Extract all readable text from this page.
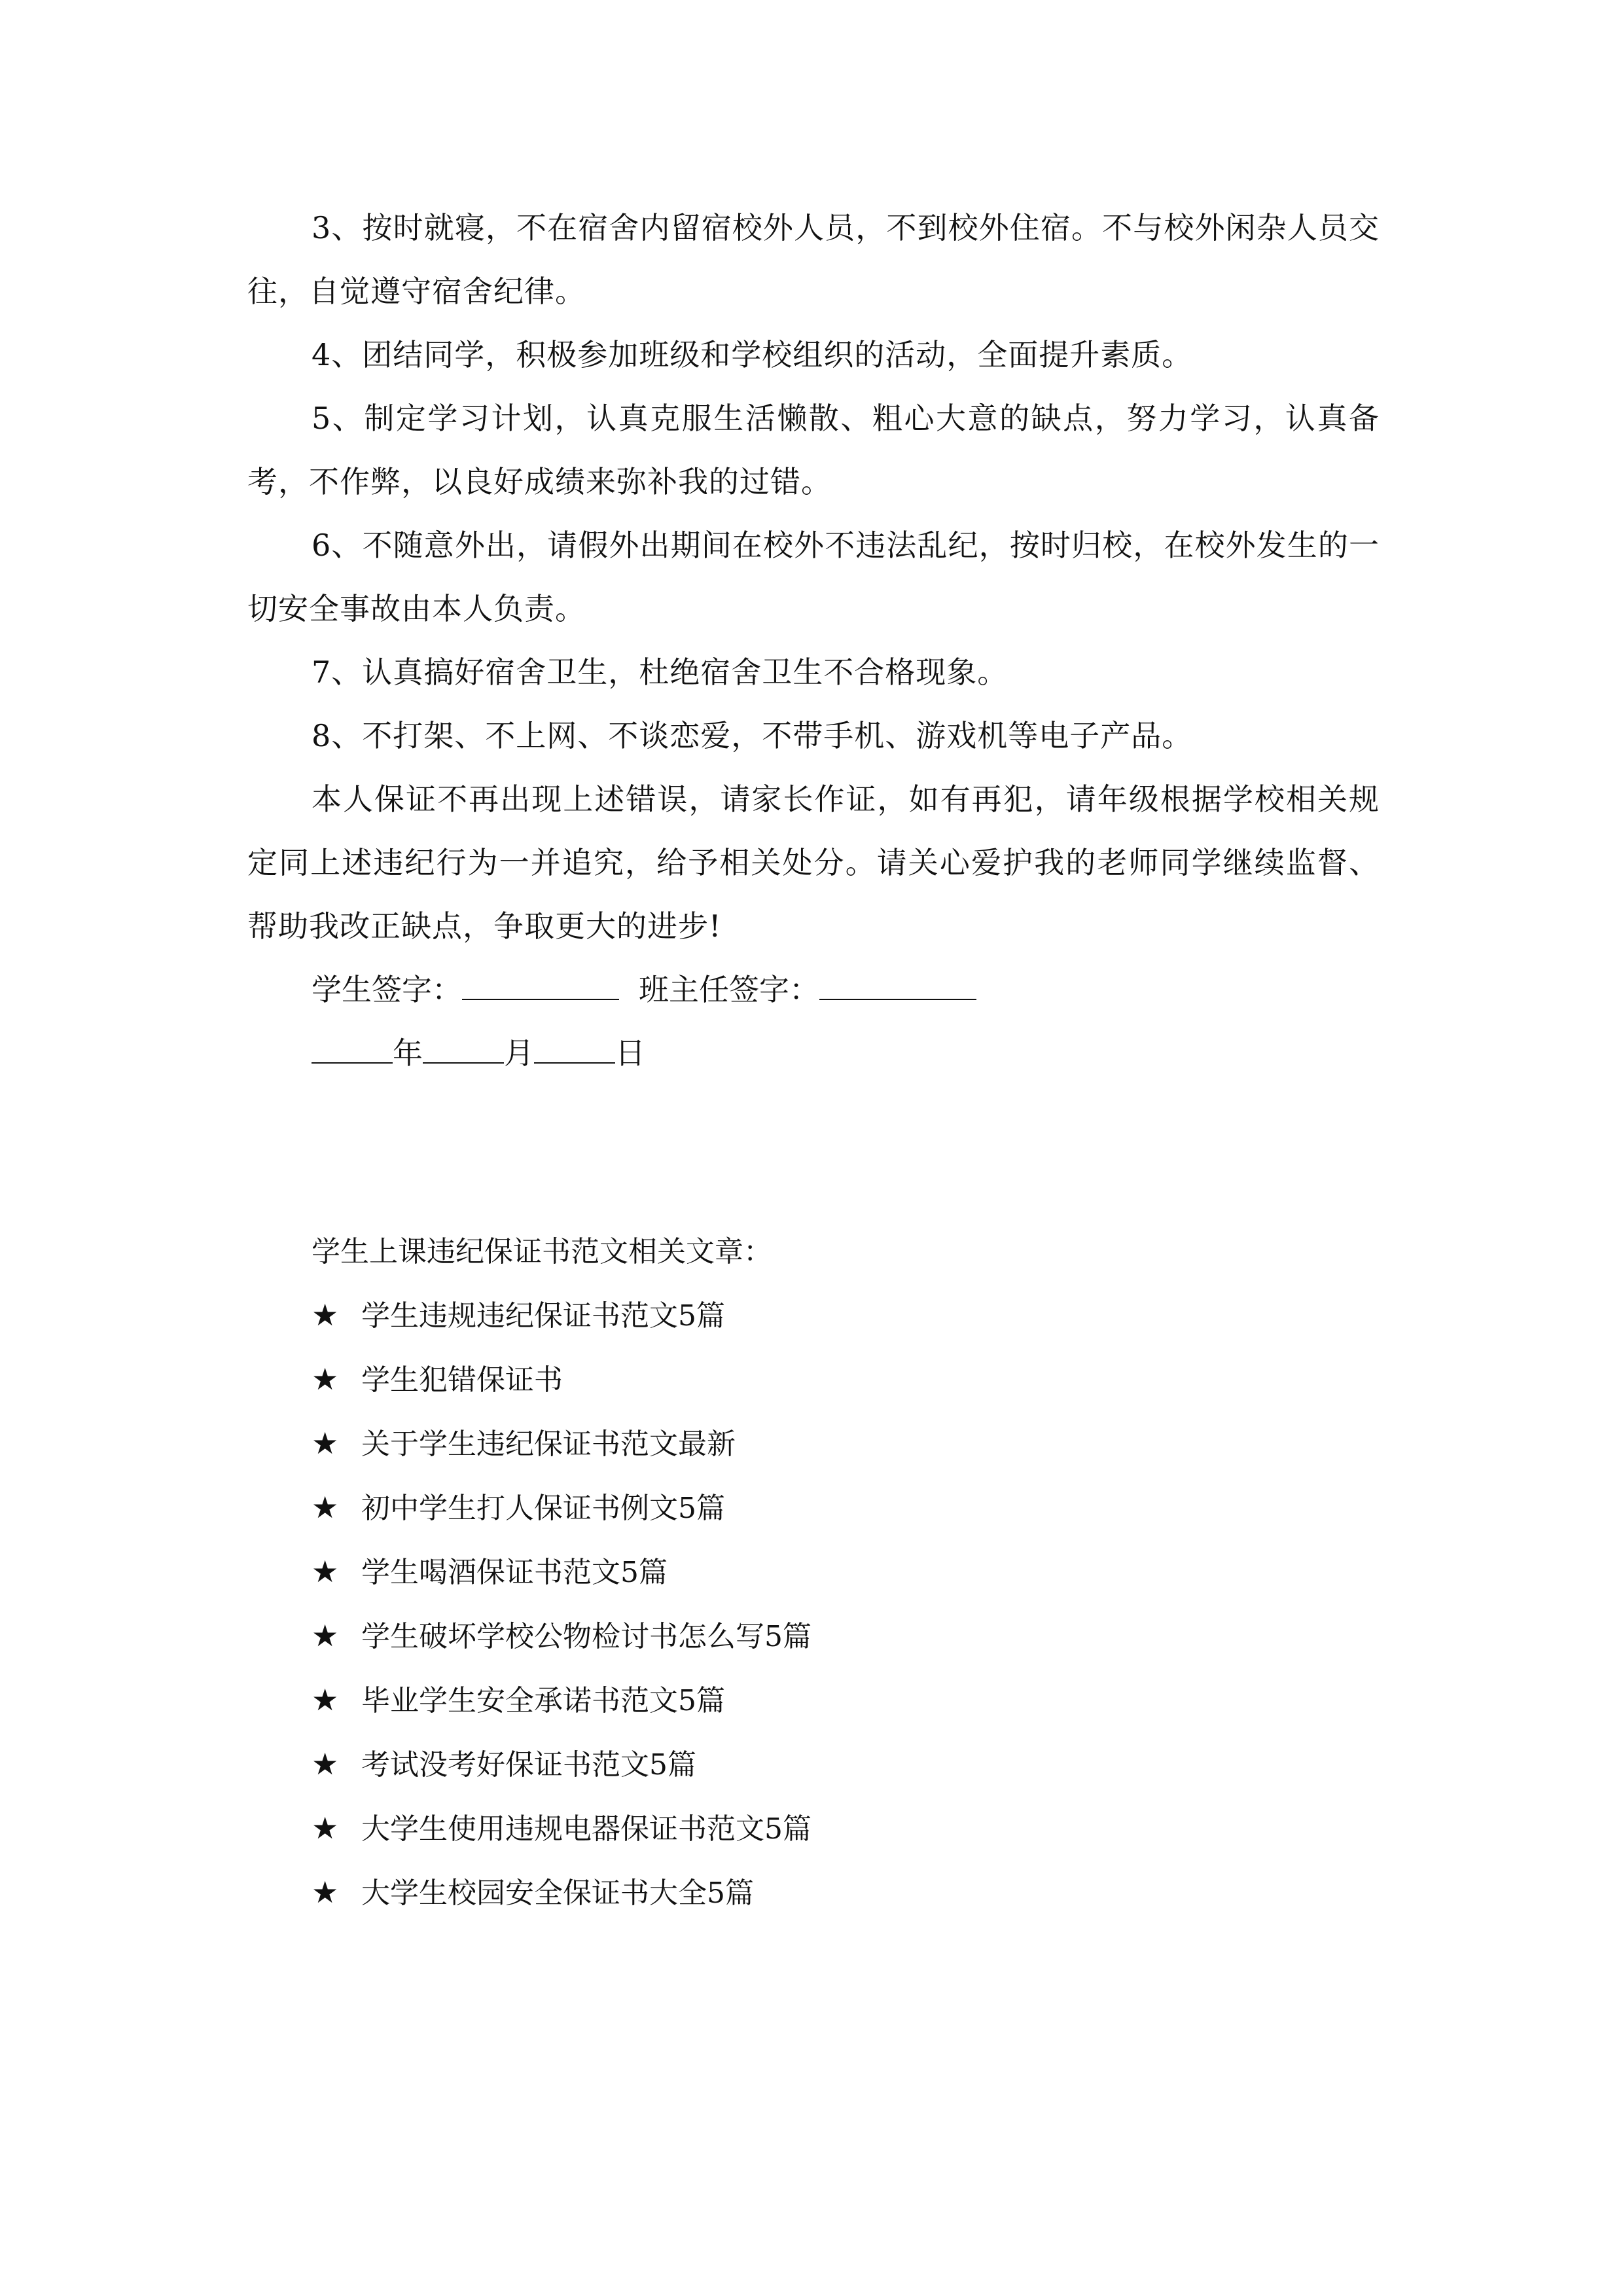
3、按时就寝，不在宿舍内留宿校外人员，不到校外住宿。不与校外闲杂人员交往，自觉遵守宿舍纪律。

4、团结同学，积极参加班级和学校组织的活动，全面提升素质。

5、制定学习计划，认真克服生活懒散、粗心大意的缺点，努力学习，认真备考，不作弊，以良好成绩来弥补我的过错。

6、不随意外出，请假外出期间在校外不违法乱纪，按时归校，在校外发生的一切安全事故由本人负责。

7、认真搞好宿舍卫生，杜绝宿舍卫生不合格现象。

8、不打架、不上网、不谈恋爱，不带手机、游戏机等电子产品。

本人保证不再出现上述错误，请家长作证，如有再犯，请年级根据学校相关规定同上述违纪行为一并追究，给予相关处分。请关心爱护我的老师同学继续监督、帮助我改正缺点，争取更大的进步!

学生签字：	班主任签字：

年	月	日

学生上课违纪保证书范文相关文章：

★ 学生违规违纪保证书范文5篇
★ 学生犯错保证书
★ 关于学生违纪保证书范文最新
★ 初中学生打人保证书例文5篇
★ 学生喝酒保证书范文5篇
★ 学生破坏学校公物检讨书怎么写5篇
★ 毕业学生安全承诺书范文5篇
★ 考试没考好保证书范文5篇
★ 大学生使用违规电器保证书范文5篇
★ 大学生校园安全保证书大全5篇
